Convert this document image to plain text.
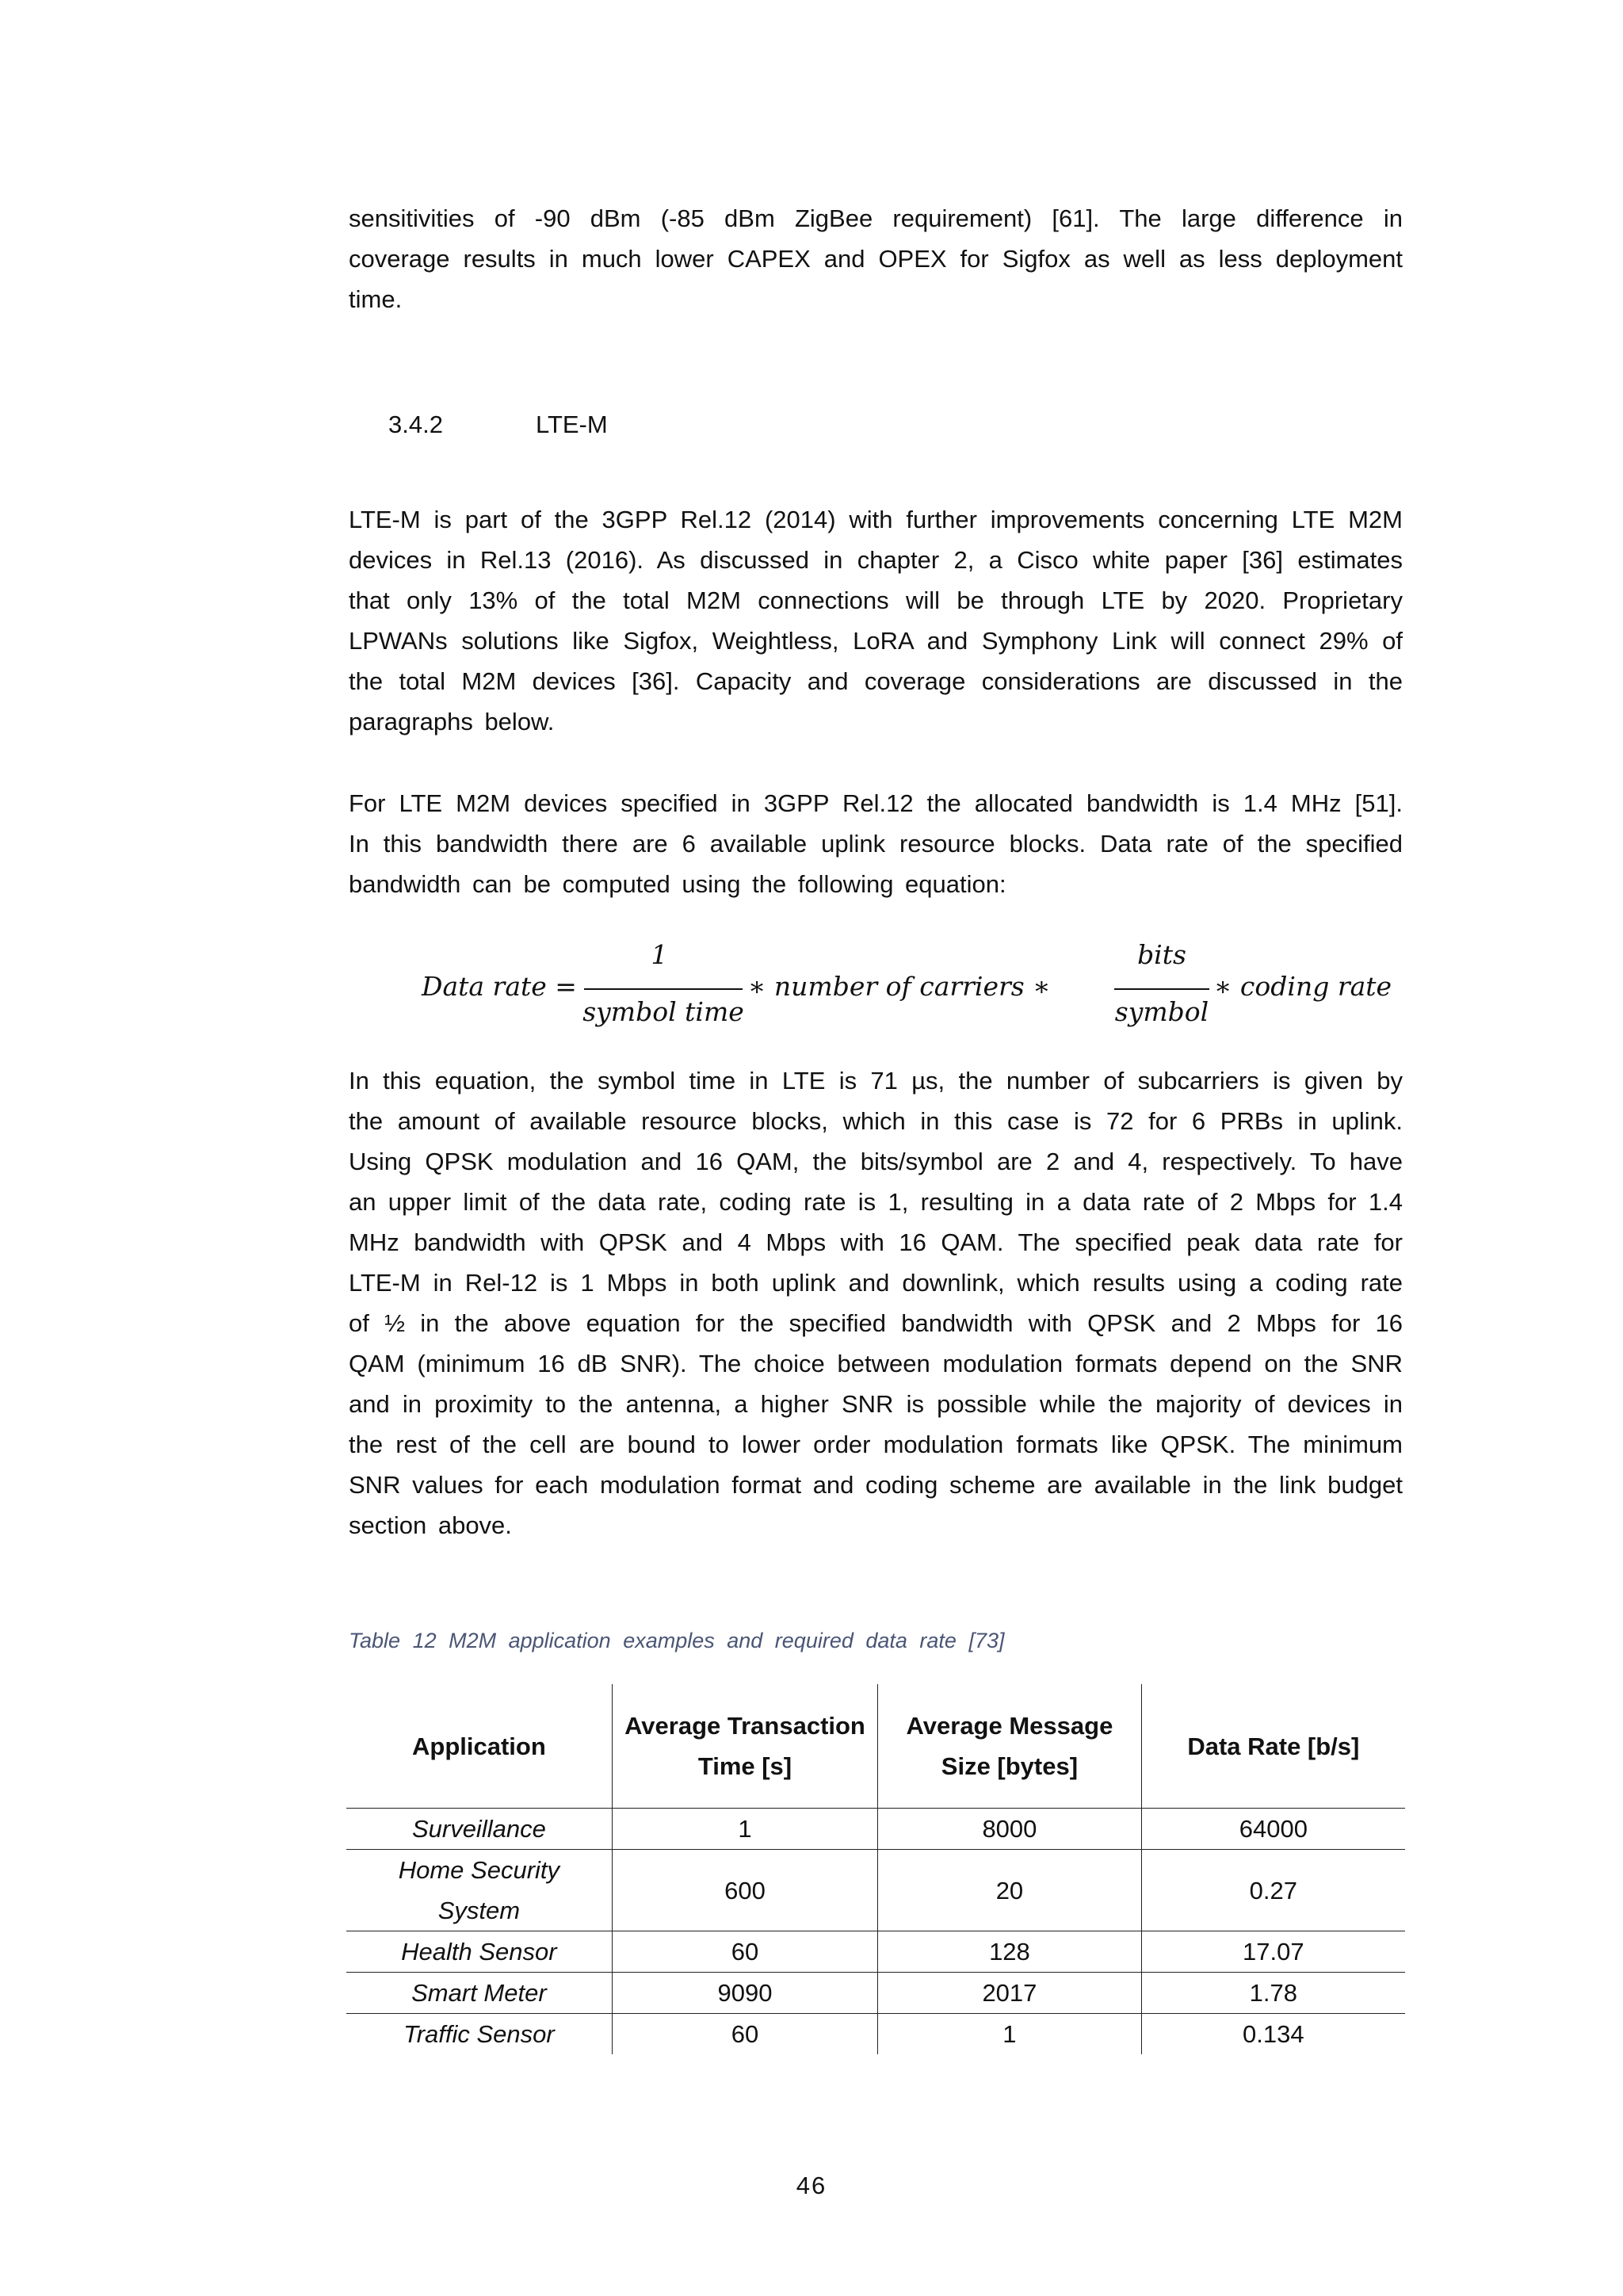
sensitivities of -90 dBm (-85 dBm ZigBee requirement) [61]. The large difference in coverage results in much lower CAPEX and OPEX for Sigfox as well as less deployment time.

3.4.2	LTE-M

LTE-M is part of the 3GPP Rel.12 (2014) with further improvements concerning LTE M2M devices in Rel.13 (2016). As discussed in chapter 2, a Cisco white paper [36] estimates that only 13% of the total M2M connections will be through LTE by 2020. Proprietary LPWANs solutions like Sigfox, Weightless, LoRA and Symphony Link will connect 29% of the total M2M devices [36]. Capacity and coverage considerations are discussed in the paragraphs below.

For LTE M2M devices specified in 3GPP Rel.12 the allocated bandwidth is 1.4 MHz [51]. In this bandwidth there are 6 available uplink resource blocks. Data rate of the specified bandwidth can be computed using the following equation:

Data rate =
1
symbol time
∗ number of carriers ∗
bits
symbol
∗ coding rate

In this equation, the symbol time in LTE is 71 µs, the number of subcarriers is given by the amount of available resource blocks, which in this case is 72 for 6 PRBs in uplink. Using QPSK modulation and 16 QAM, the bits/symbol are 2 and 4, respectively. To have an upper limit of the data rate, coding rate is 1, resulting in a data rate of 2 Mbps for 1.4 MHz bandwidth with QPSK and 4 Mbps with 16 QAM. The specified peak data rate for LTE-M in Rel-12 is 1 Mbps in both uplink and downlink, which results using a coding rate of ½ in the above equation for the specified bandwidth with QPSK and 2 Mbps for 16 QAM (minimum 16 dB SNR). The choice between modulation formats depend on the SNR and in proximity to the antenna, a higher SNR is possible while the majority of devices in the rest of the cell are bound to lower order modulation formats like QPSK. The minimum SNR values for each modulation format and coding scheme are available in the link budget section above.

Table 12 M2M application examples and required data rate [73]
Application	Average Transaction Time [s]	Average Message Size [bytes]	Data Rate [b/s]
Surveillance	1	8000	64000
Home Security System	600	20	0.27
Health Sensor	60	128	17.07
Smart Meter	9090	2017	1.78
Traffic Sensor	60	1	0.134
46
